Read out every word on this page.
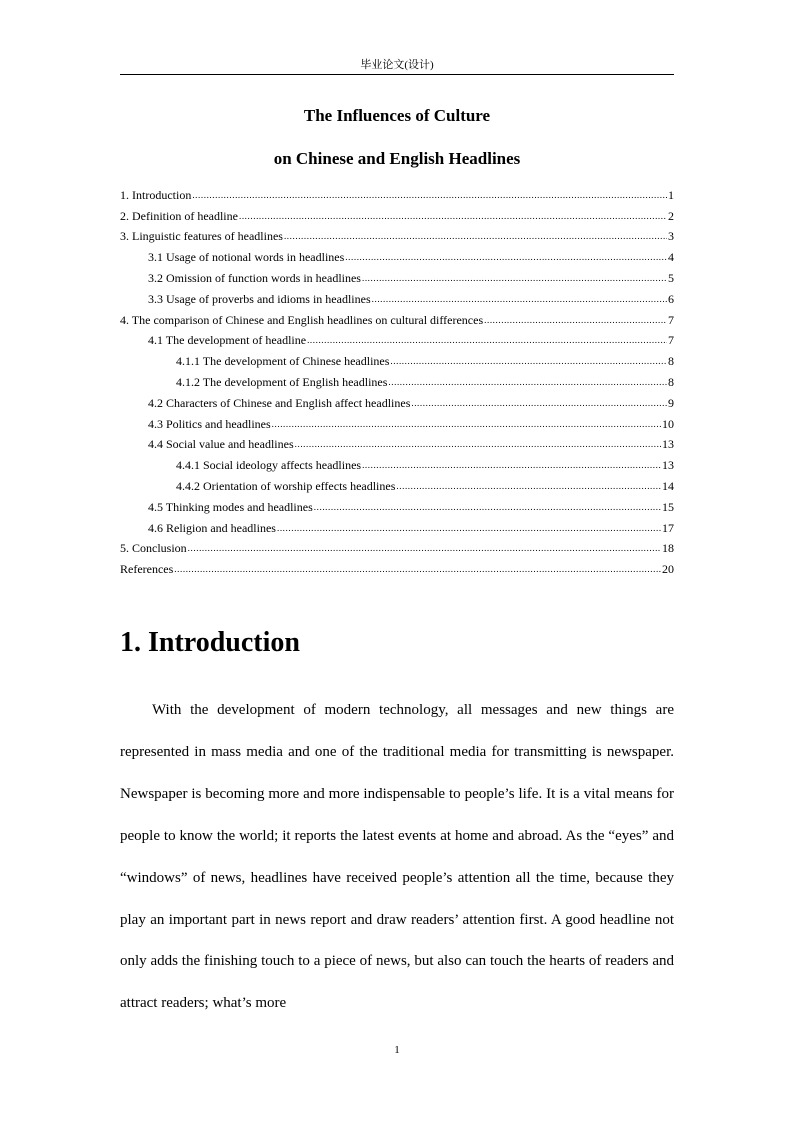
毕业论文(设计)
The Influences of Culture
on Chinese and English Headlines
1. Introduction .....	1
2. Definition of headline .....	2
3. Linguistic features of headlines .....	3
3.1 Usage of notional words in headlines .....	4
3.2 Omission of function words in headlines .....	5
3.3 Usage of proverbs and idioms in headlines .....	6
4. The comparison of Chinese and English headlines on cultural differences .....	7
4.1 The development of headline .....	7
4.1.1 The development of Chinese headlines .....	8
4.1.2 The development of English headlines .....	8
4.2 Characters of Chinese and English affect headlines .....	9
4.3 Politics and headlines .....	10
4.4 Social value and headlines .....	13
4.4.1 Social ideology affects headlines .....	13
4.4.2 Orientation of worship effects headlines .....	14
4.5 Thinking modes and headlines .....	15
4.6 Religion and headlines .....	17
5. Conclusion .....	18
References .....	20
1. Introduction

With the development of modern technology, all messages and new things are represented in mass media and one of the traditional media for transmitting is newspaper. Newspaper is becoming more and more indispensable to people’s life. It is a vital means for people to know the world; it reports the latest events at home and abroad. As the “eyes” and “windows” of news, headlines have received people’s attention all the time, because they play an important part in news report and draw readers’ attention first. A good headline not only adds the finishing touch to a piece of news, but also can touch the hearts of readers and attract readers; what’s more

1
